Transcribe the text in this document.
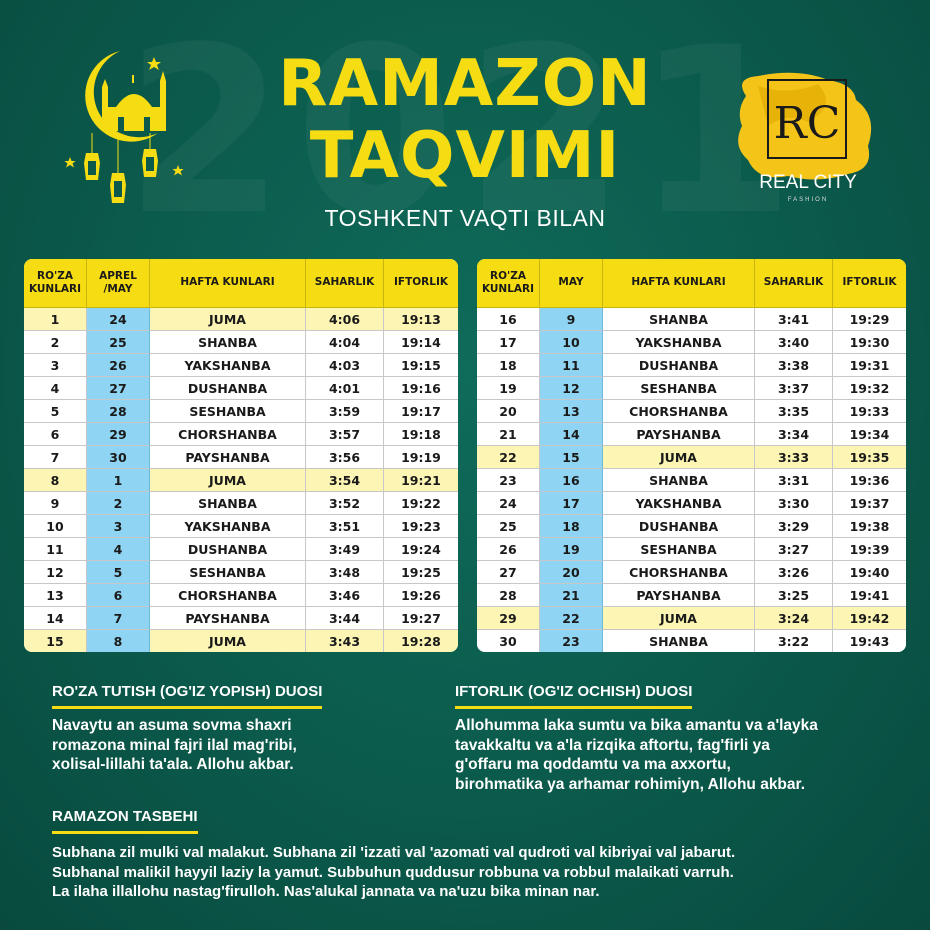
RAMAZON
TAQVIMI
TOSHKENT VAQTI BILAN
RC
REAL CITY
FASHION
RO'ZA
KUNLARI	APREL
/MAY	HAFTA KUNLARI	SAHARLIK	IFTORLIK
1	24	JUMA	4:06	19:13
2	25	SHANBA	4:04	19:14
3	26	YAKSHANBA	4:03	19:15
4	27	DUSHANBA	4:01	19:16
5	28	SESHANBA	3:59	19:17
6	29	CHORSHANBA	3:57	19:18
7	30	PAYSHANBA	3:56	19:19
8	1	JUMA	3:54	19:21
9	2	SHANBA	3:52	19:22
10	3	YAKSHANBA	3:51	19:23
11	4	DUSHANBA	3:49	19:24
12	5	SESHANBA	3:48	19:25
13	6	CHORSHANBA	3:46	19:26
14	7	PAYSHANBA	3:44	19:27
15	8	JUMA	3:43	19:28
RO'ZA
KUNLARI	MAY	HAFTA KUNLARI	SAHARLIK	IFTORLIK
16	9	SHANBA	3:41	19:29
17	10	YAKSHANBA	3:40	19:30
18	11	DUSHANBA	3:38	19:31
19	12	SESHANBA	3:37	19:32
20	13	CHORSHANBA	3:35	19:33
21	14	PAYSHANBA	3:34	19:34
22	15	JUMA	3:33	19:35
23	16	SHANBA	3:31	19:36
24	17	YAKSHANBA	3:30	19:37
25	18	DUSHANBA	3:29	19:38
26	19	SESHANBA	3:27	19:39
27	20	CHORSHANBA	3:26	19:40
28	21	PAYSHANBA	3:25	19:41
29	22	JUMA	3:24	19:42
30	23	SHANBA	3:22	19:43
RO'ZA TUTISH (OG'IZ YOPISH) DUOSI
Navaytu an asuma sovma shaxri
romazona minal fajri ilal mag'ribi,
xolisal-lillahi ta'ala. Allohu akbar.
IFTORLIK (OG'IZ OCHISH) DUOSI
Allohumma laka sumtu va bika amantu va a'layka
tavakkaltu va a'la rizqika aftortu, fag'firli ya
g'offaru ma qoddamtu va ma axxortu,
birohmatika ya arhamar rohimiyn, Allohu akbar.
RAMAZON TASBEHI
Subhana zil mulki val malakut. Subhana zil 'izzati val 'azomati val qudroti val kibriyai val jabarut.
Subhanal malikil hayyil laziy la yamut. Subbuhun quddusur robbuna va robbul malaikati varruh.
La ilaha illallohu nastag'firulloh. Nas'alukal jannata va na'uzu bika minan nar.
